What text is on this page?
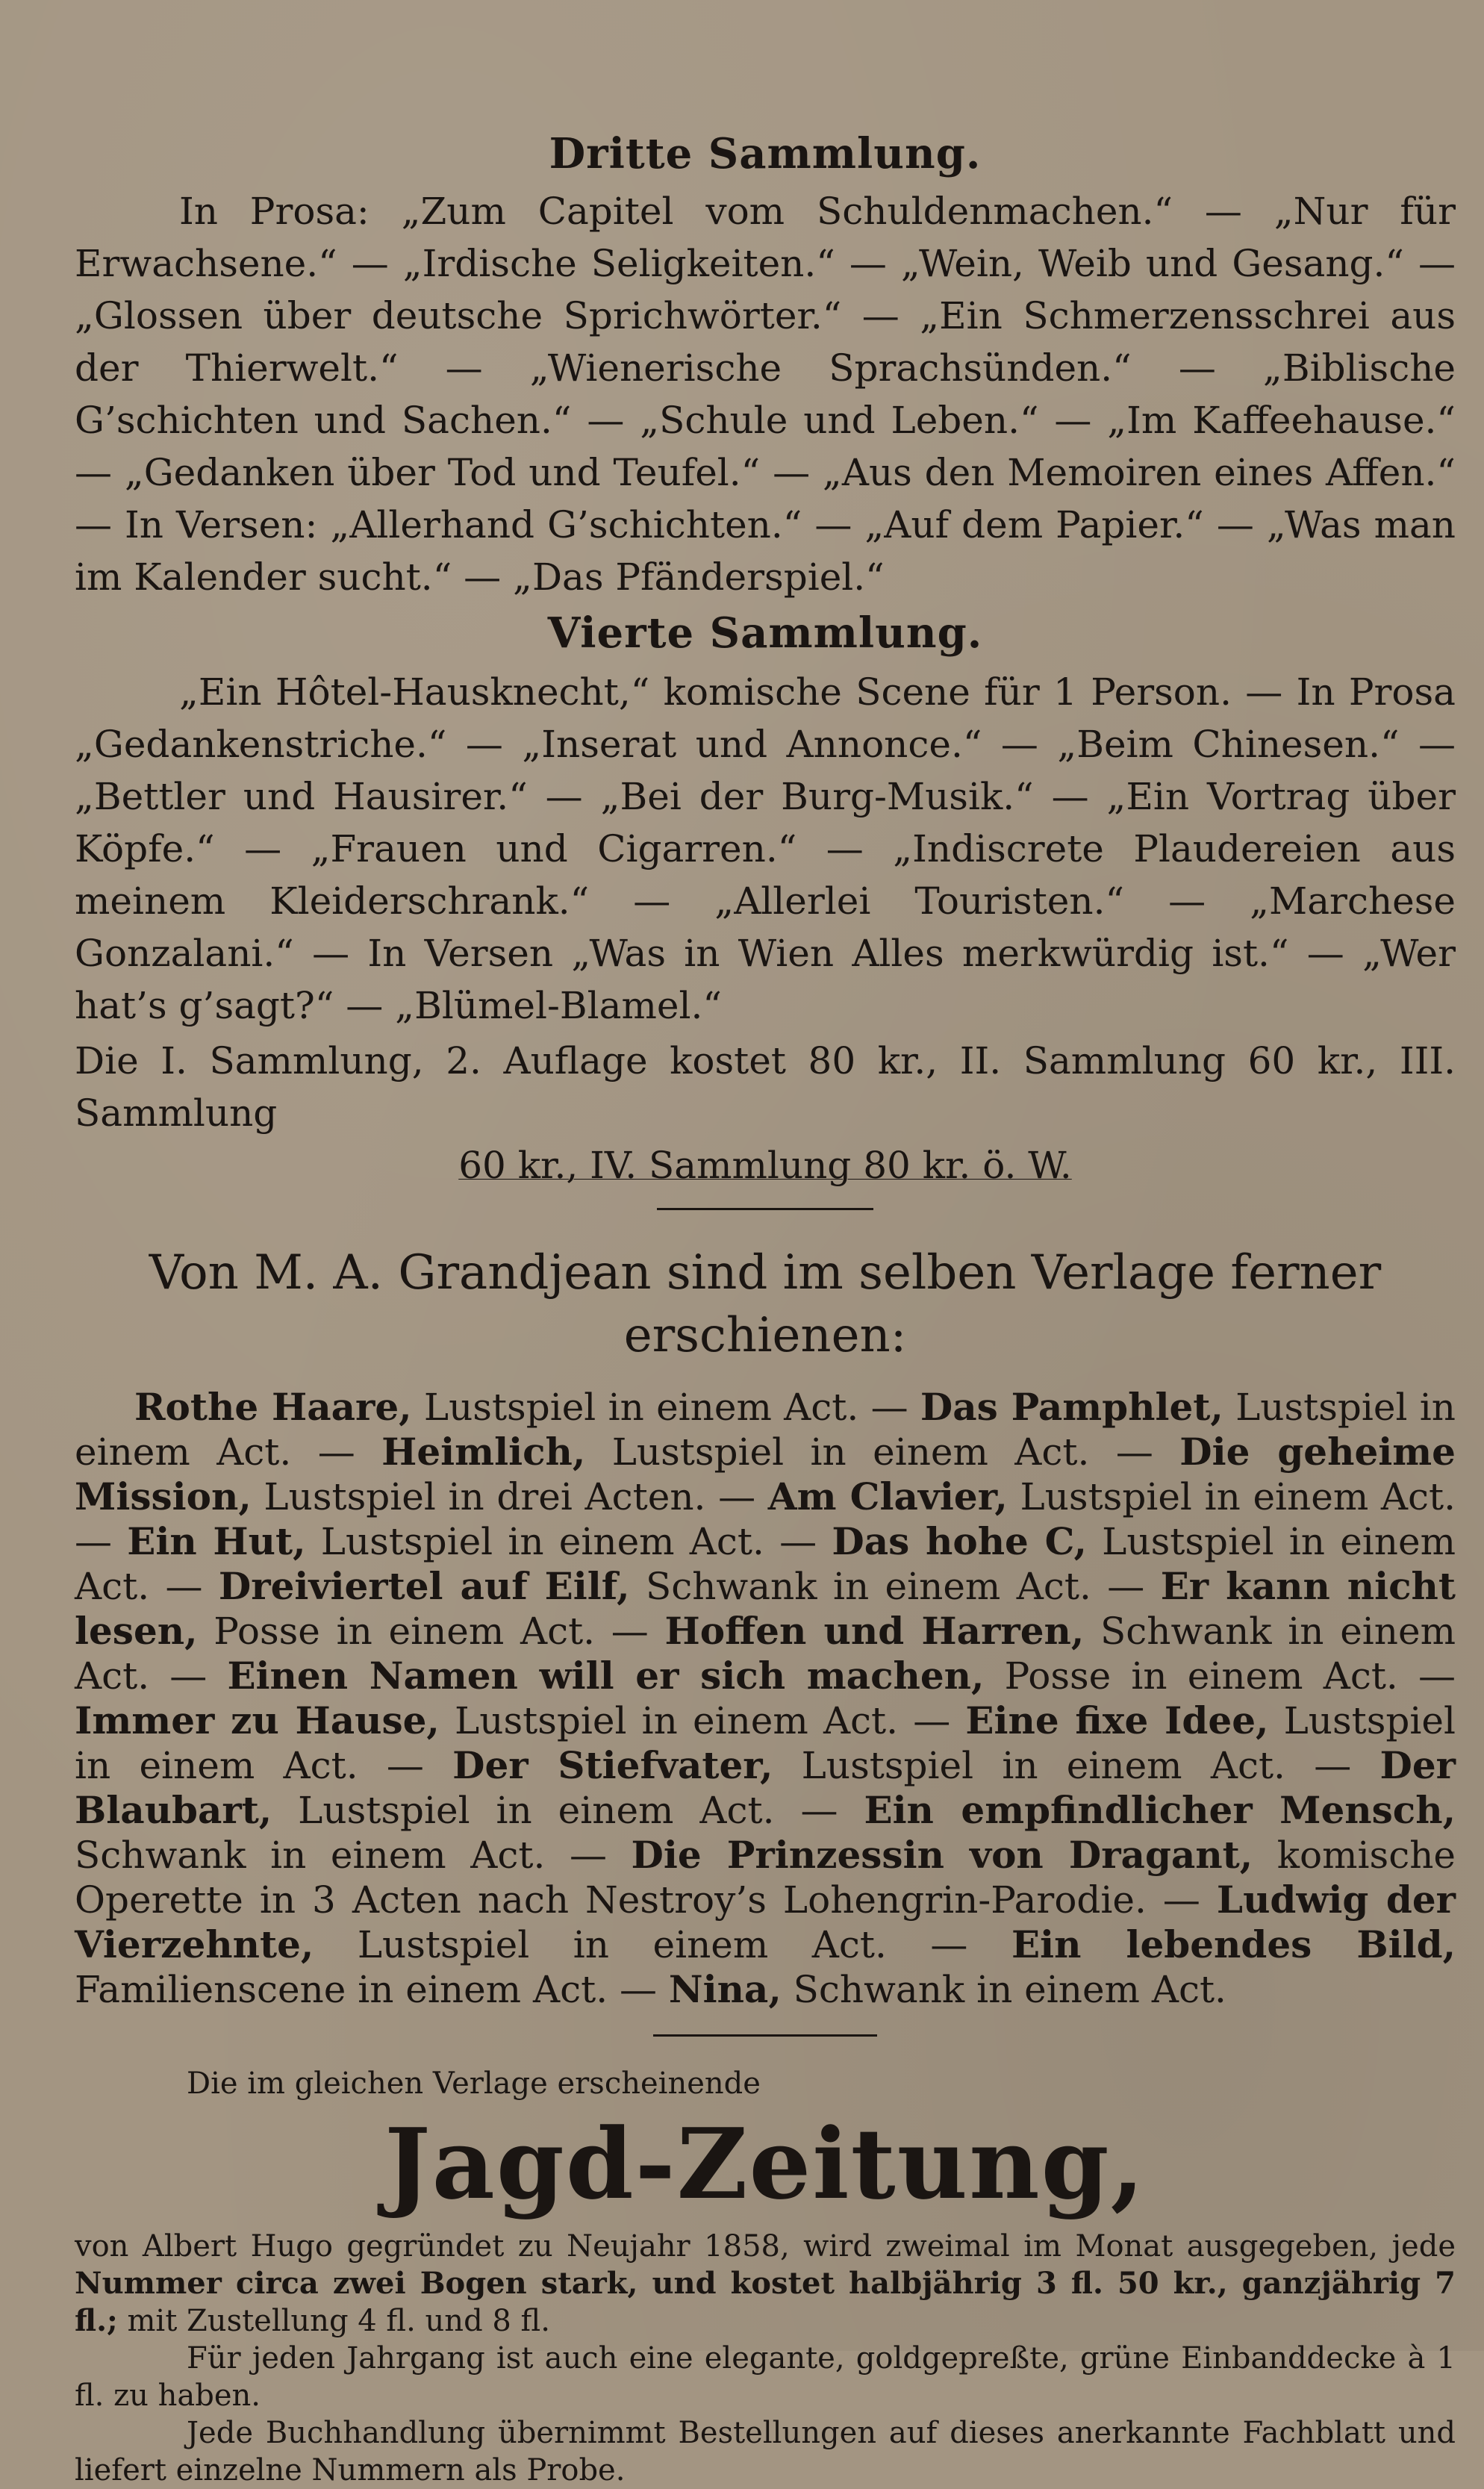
Dritte Sammlung.

In Prosa: „Zum Capitel vom Schuldenmachen.“ — „Nur für Erwachsene.“ — „Irdische Seligkeiten.“ — „Wein, Weib und Gesang.“ — „Glossen über deutsche Sprichwörter.“ — „Ein Schmerzensschrei aus der Thierwelt.“ — „Wienerische Sprachsünden.“ — „Biblische G’schichten und Sachen.“ — „Schule und Leben.“ — „Im Kaffeehause.“ — „Gedanken über Tod und Teufel.“ — „Aus den Memoiren eines Affen.“ — In Versen: „Allerhand G’schichten.“ — „Auf dem Papier.“ — „Was man im Kalender sucht.“ — „Das Pfänderspiel.“

Vierte Sammlung.

„Ein Hôtel-Hausknecht,“ komische Scene für 1 Person. — In Prosa „Gedankenstriche.“ — „Inserat und Annonce.“ — „Beim Chinesen.“ — „Bettler und Hausirer.“ — „Bei der Burg-Musik.“ — „Ein Vortrag über Köpfe.“ — „Frauen und Cigarren.“ — „Indiscrete Plaudereien aus meinem Kleiderschrank.“ — „Allerlei Touristen.“ — „Marchese Gonzalani.“ — In Versen „Was in Wien Alles merkwürdig ist.“ — „Wer hat’s g’sagt?“ — „Blümel-Blamel.“

Die I. Sammlung, 2. Auflage kostet 80 kr., II. Sammlung 60 kr., III. Sammlung
60 kr., IV. Sammlung 80 kr. ö. W.
Von M. A. Grandjean sind im selben Verlage ferner erschienen:

Rothe Haare, Lustspiel in einem Act. — Das Pamphlet, Lustspiel in einem Act. — Heimlich, Lustspiel in einem Act. — Die geheime Mission, Lustspiel in drei Acten. — Am Clavier, Lustspiel in einem Act. — Ein Hut, Lustspiel in einem Act. — Das hohe C, Lustspiel in einem Act. — Dreiviertel auf Eilf, Schwank in einem Act. — Er kann nicht lesen, Posse in einem Act. — Hoffen und Harren, Schwank in einem Act. — Einen Namen will er sich machen, Posse in einem Act. — Immer zu Hause, Lustspiel in einem Act. — Eine fixe Idee, Lustspiel in einem Act. — Der Stiefvater, Lustspiel in einem Act. — Der Blaubart, Lustspiel in einem Act. — Ein empfindlicher Mensch, Schwank in einem Act. — Die Prinzessin von Dragant, komische Operette in 3 Acten nach Nestroy’s Lohengrin-Parodie. — Ludwig der Vierzehnte, Lustspiel in einem Act. — Ein lebendes Bild, Familienscene in einem Act. — Nina, Schwank in einem Act.

Die im gleichen Verlage erscheinende

Jagd-Zeitung,

von Albert Hugo gegründet zu Neujahr 1858, wird zweimal im Monat ausgegeben, jede Nummer circa zwei Bogen stark, und kostet halbjährig 3 fl. 50 kr., ganzjährig 7 fl.; mit Zustellung 4 fl. und 8 fl.

Für jeden Jahrgang ist auch eine elegante, goldgepreßte, grüne Einbanddecke à 1 fl. zu haben.

Jede Buchhandlung übernimmt Bestellungen auf dieses anerkannte Fachblatt und liefert einzelne Nummern als Probe.
